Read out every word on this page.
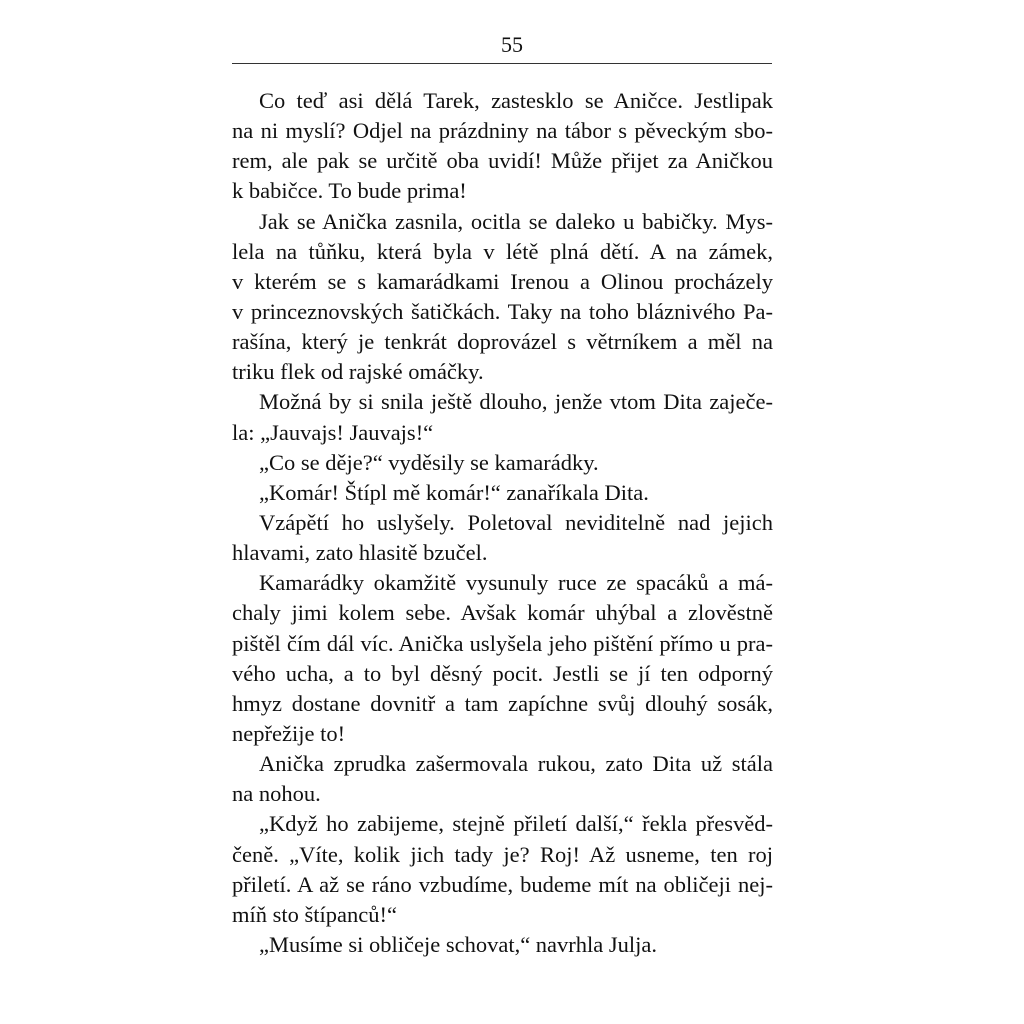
55
Co teď asi dělá Tarek, zastesklo se Aničce. Jestlipak
na ni myslí? Odjel na prázdniny na tábor s pěveckým sbo-
rem, ale pak se určitě oba uvidí! Může přijet za Aničkou
k babičce. To bude prima!
Jak se Anička zasnila, ocitla se daleko u babičky. Mys-
lela na tůňku, která byla v létě plná dětí. A na zámek,
v kterém se s kamarádkami Irenou a Olinou procházely
v princeznovských šatičkách. Taky na toho bláznivého Pa-
rašína, který je tenkrát doprovázel s větrníkem a měl na
triku flek od rajské omáčky.
Možná by si snila ještě dlouho, jenže vtom Dita zaječe-
la: „Jauvajs! Jauvajs!“
„Co se děje?“ vyděsily se kamarádky.
„Komár! Štípl mě komár!“ zanaříkala Dita.
Vzápětí ho uslyšely. Poletoval neviditelně nad jejich
hlavami, zato hlasitě bzučel.
Kamarádky okamžitě vysunuly ruce ze spacáků a má-
chaly jimi kolem sebe. Avšak komár uhýbal a zlověstně
pištěl čím dál víc. Anička uslyšela jeho pištění přímo u pra-
vého ucha, a to byl děsný pocit. Jestli se jí ten odporný
hmyz dostane dovnitř a tam zapíchne svůj dlouhý sosák,
nepřežije to!
Anička zprudka zašermovala rukou, zato Dita už stála
na nohou.
„Když ho zabijeme, stejně přiletí další,“ řekla přesvěd-
čeně. „Víte, kolik jich tady je? Roj! Až usneme, ten roj
přiletí. A až se ráno vzbudíme, budeme mít na obličeji nej-
míň sto štípanců!“
„Musíme si obličeje schovat,“ navrhla Julja.
